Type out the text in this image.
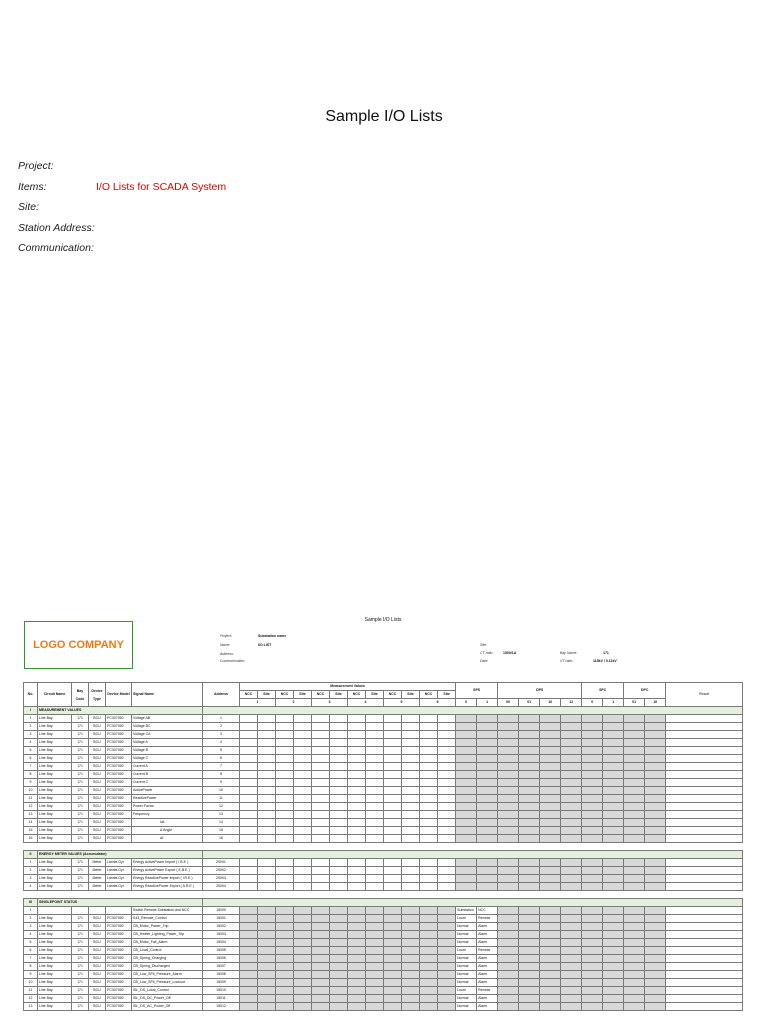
Sample I/O Lists
Project:
Items:	I/O Lists for SCADA System
Site:
Station Address:
Communication:
Sample I/O Lists
LOGO COMPANY
Project:	Substation name
Name:	I/O LIST
Address:
Communication:
Site:
CT ratio:	1500/1A
Date:
Bay Name:	171
VT ratio:	115kV / 0.11kV
No.	Circuit Name	Bay Code	Device Type	Device Model	Signal Name	Address	Measurement Values												SPS		DPS				SPC		DPC		Result
							NCC	Site	NCC	Site	NCC	Site	NCC	Site	NCC	Site	NCC	Site											
							1		2		3		4		5		6		0	1	00	01	10	11	0	1	01	10	
I	MEASUREMENT VALUES																												
1	Line Bay	171	BCU	PC307050	Voltage AB	1																							
2	Line Bay	171	BCU	PC307050	Voltage BC	2																							
3	Line Bay	171	BCU	PC307050	Voltage CA	3																							
4	Line Bay	171	BCU	PC307050	Voltage A	4																							
5	Line Bay	171	BCU	PC307050	Voltage B	5																							
6	Line Bay	171	BCU	PC307050	Voltage C	6																							
7	Line Bay	171	BCU	PC307050	Current A	7																							
8	Line Bay	171	BCU	PC307050	Current B	8																							
9	Line Bay	171	BCU	PC307050	Current C	9																							
10	Line Bay	171	BCU	PC307050	ActivePower	10																							
11	Line Bay	171	BCU	PC307050	ReactivePower	11																							
12	Line Bay	171	BCU	PC307050	Power Factor	12																							
13	Line Bay	171	BCU	PC307050	Frequency	13																							
14	Line Bay	171	BCU	PC307050	Ia1	14																							
15	Line Bay	171	BCU	PC307050	Δ Angle	15																							
16	Line Bay	171	BCU	PC307050	Δf	16																							

II	ENERGY METER VALUES (Accumulator)																												
1	Line Bay	171	Meter	Landis Gyr	Energy ActivePower Import ( I.B.E )	20001																							
2	Line Bay	171	Meter	Landis Gyr	Energy ActivePower Export ( E.B.E )	20002																							
3	Line Bay	171	Meter	Landis Gyr	Energy ReactivePower Import ( I.R.E )	20003																							
4	Line Bay	171	Meter	Landis Gyr	Energy ReactivePower Export ( A.R.E )	20004																							

III	SINGLEPOINT STATUS																												
1					Switch Remote Substation and NCC	15000													Substation	NCC									
2	Line Bay	171	BCU	PC307050	S43_Remote_Control	15001													Local	Remote									
3	Line Bay	171	BCU	PC307050	CB_Motor_Power_Trip	15002													Normal	Alarm									
4	Line Bay	171	BCU	PC307050	CB_Heater_Lighting_Power_Trip	15003													Normal	Alarm									
5	Line Bay	171	BCU	PC307050	CB_Motor_Fail_Alarm	15004													Normal	Alarm									
6	Line Bay	171	BCU	PC307050	CB_Local_Control	15005													Local	Remote									
7	Line Bay	171	BCU	PC307050	CB_Spring_Charging	15006													Normal	Alarm									
8	Line Bay	171	BCU	PC307050	CB_Spring_Discharged	15007													Normal	Alarm									
9	Line Bay	171	BCU	PC307050	CB_Low_SF6_Pressure_Alarm	15008													Normal	Alarm									
10	Line Bay	171	BCU	PC307050	CB_Low_SF6_Pressure_Lockout	15009													Normal	Alarm									
11	Line Bay	171	BCU	PC307050	ISL_DS_Local_Control	15010													Local	Remote									
12	Line Bay	171	BCU	PC307050	ISL_DS_DC_Power_Off	15011													Normal	Alarm									
13	Line Bay	171	BCU	PC307050	ISL_DS_AC_Power_Off	15012													Normal	Alarm									
